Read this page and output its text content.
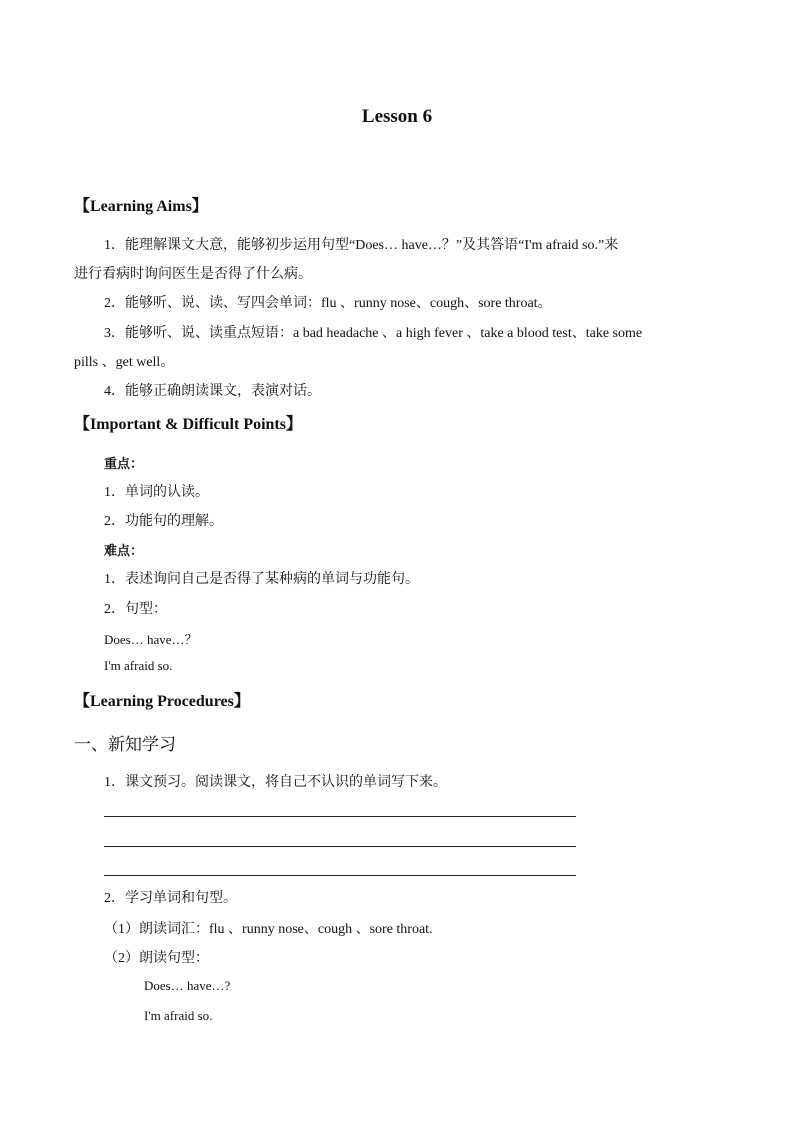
Lesson 6
【Learning Aims】
1．能理解课文大意，能够初步运用句型“Does… have…？”及其答语“I'm afraid so.”来
进行看病时询问医生是否得了什么病。
2．能够听、说、读、写四会单词：flu 、runny nose、cough、sore throat。
3．能够听、说、读重点短语：a bad headache 、a high fever 、take a blood test、take some
pills 、get well。
4．能够正确朗读课文，表演对话。
【Important & Difficult Points】
重点：
1．单词的认读。
2．功能句的理解。
难点：
1．表述询问自己是否得了某种病的单词与功能句。
2．句型：
Does… have…？
I'm afraid so.
【Learning Procedures】
一、新知学习
1．课文预习。阅读课文，将自己不认识的单词写下来。
2．学习单词和句型。
（1）朗读词汇：flu 、runny nose、cough 、sore throat.
（2）朗读句型：
Does… have…?
I'm afraid so.
